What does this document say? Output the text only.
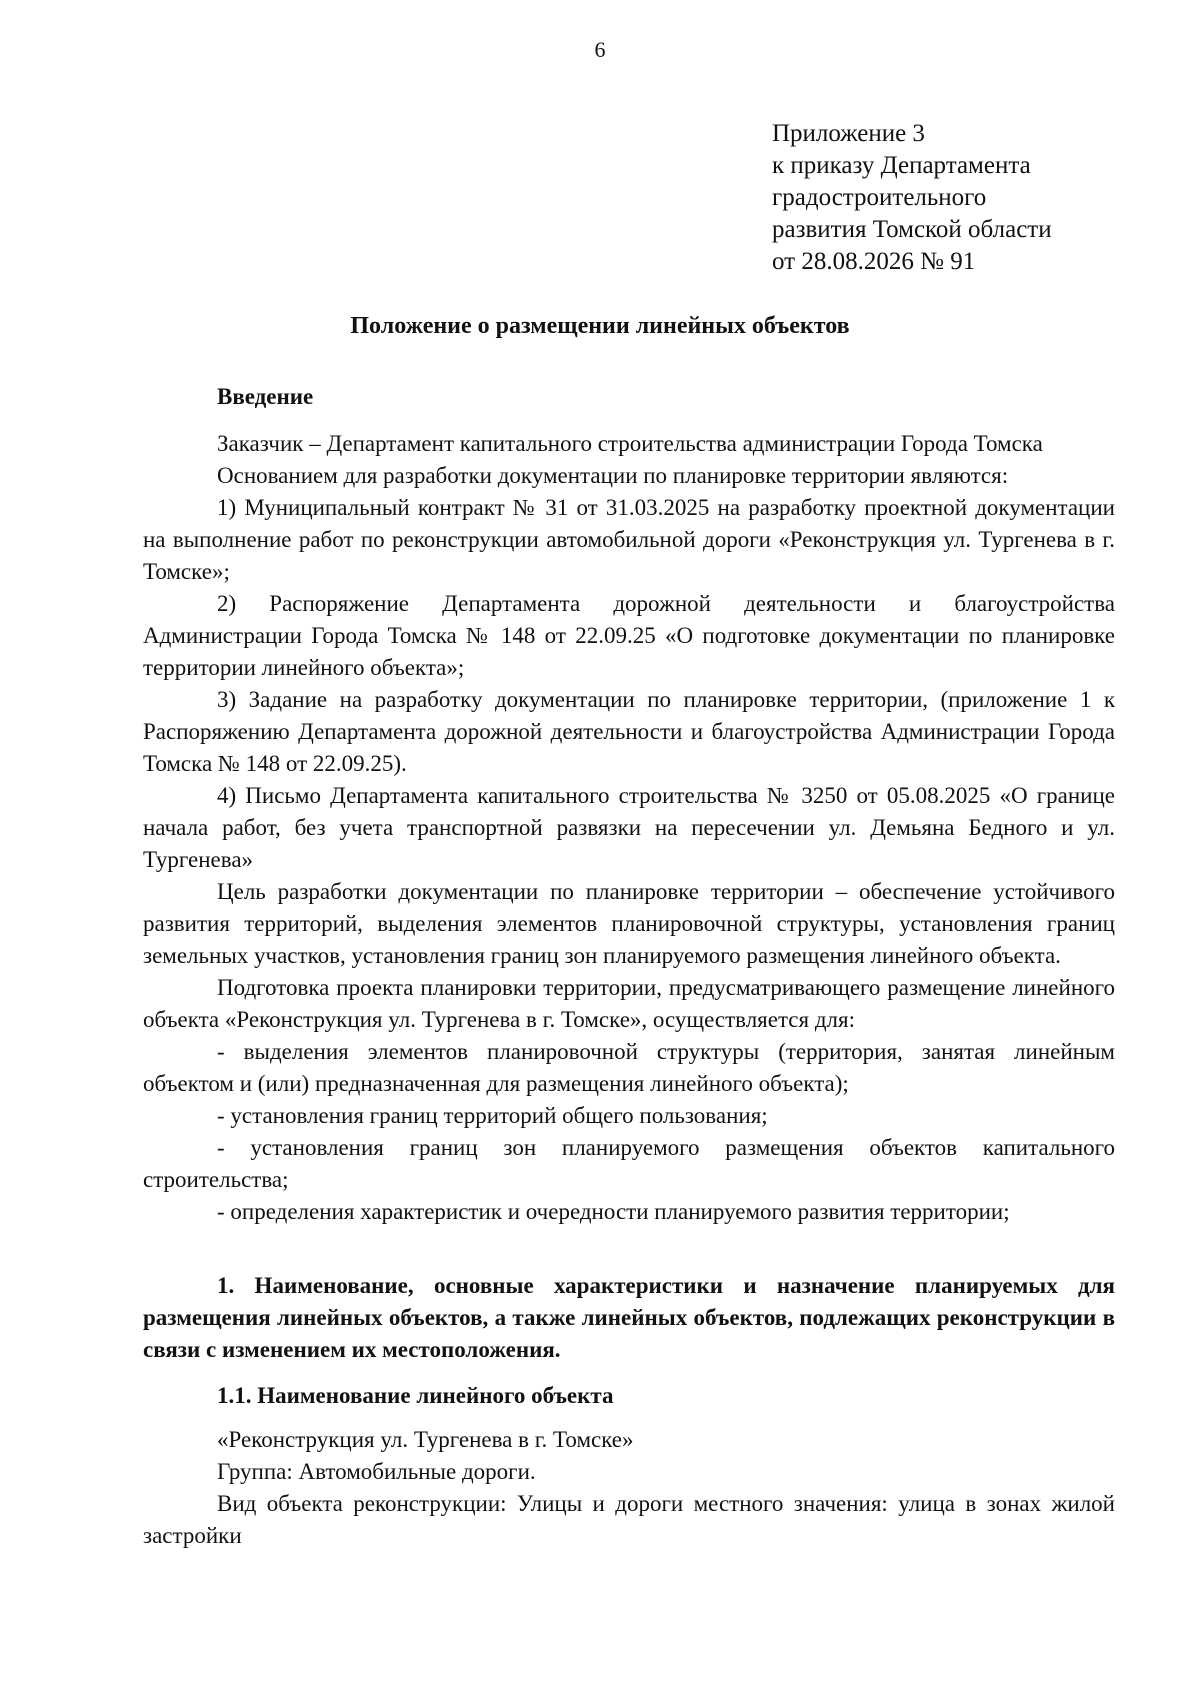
6
Приложение 3
к приказу Департамента
градостроительного
развития Томской области
от 28.08.2026 № 91
Положение о размещении линейных объектов

Введение

Заказчик – Департамент капитального строительства администрации Города Томска

Основанием для разработки документации по планировке территории являются:

1) Муниципальный контракт № 31 от 31.03.2025 на разработку проектной документации на выполнение работ по реконструкции автомобильной дороги «Реконструкция ул. Тургенева в г. Томске»;

2) Распоряжение Департамента дорожной деятельности и благоустройства Администрации Города Томска № 148 от 22.09.25 «О подготовке документации по планировке территории линейного объекта»;

3) Задание на разработку документации по планировке территории, (приложение 1 к Распоряжению Департамента дорожной деятельности и благоустройства Администрации Города Томска № 148 от 22.09.25).

4) Письмо Департамента капитального строительства № 3250 от 05.08.2025 «О границе начала работ, без учета транспортной развязки на пересечении ул. Демьяна Бедного и ул. Тургенева»

Цель разработки документации по планировке территории – обеспечение устойчивого развития территорий, выделения элементов планировочной структуры, установления границ земельных участков, установления границ зон планируемого размещения линейного объекта.

Подготовка проекта планировки территории, предусматривающего размещение линейного объекта «Реконструкция ул. Тургенева в г. Томске», осуществляется для:

- выделения элементов планировочной структуры (территория, занятая линейным объектом и (или) предназначенная для размещения линейного объекта);

- установления границ территорий общего пользования;

- установления границ зон планируемого размещения объектов капитального строительства;

- определения характеристик и очередности планируемого развития территории;

1. Наименование, основные характеристики и назначение планируемых для размещения линейных объектов, а также линейных объектов, подлежащих реконструкции в связи с изменением их местоположения.

1.1. Наименование линейного объекта

«Реконструкция ул. Тургенева в г. Томске»

Группа: Автомобильные дороги.

Вид объекта реконструкции: Улицы и дороги местного значения: улица в зонах жилой застройки
